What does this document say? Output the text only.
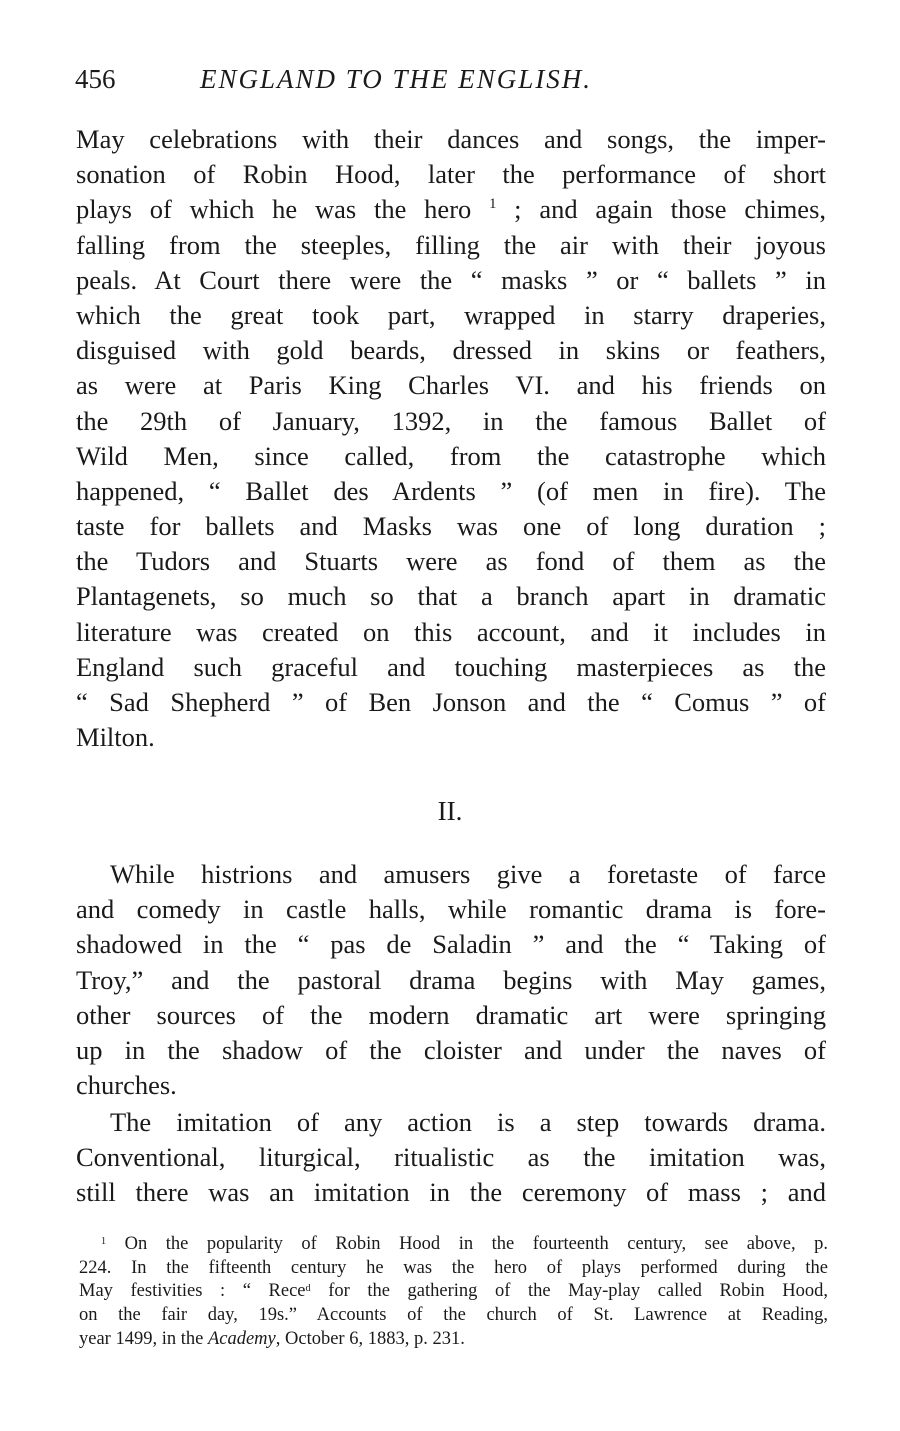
456	ENGLAND TO THE ENGLISH.
May celebrations with their dances and songs, the imper-
sonation of Robin Hood, later the performance of short
plays of which he was the hero $^1$ ; and again those chimes,
falling from the steeples, filling the air with their joyous
peals. At Court there were the “ masks ” or “ ballets ” in
which the great took part, wrapped in starry draperies,
disguised with gold beards, dressed in skins or feathers,
as were at Paris King Charles VI. and his friends on
the 29th of January, 1392, in the famous Ballet of
Wild Men, since called, from the catastrophe which
happened, “ Ballet des Ardents ” (of men in fire). The
taste for ballets and Masks was one of long duration ;
the Tudors and Stuarts were as fond of them as the
Plantagenets, so much so that a branch apart in dramatic
literature was created on this account, and it includes in
England such graceful and touching masterpieces as the
“ Sad Shepherd ” of Ben Jonson and the “ Comus ” of
Milton.
II.
While histrions and amusers give a foretaste of farce
and comedy in castle halls, while romantic drama is fore-
shadowed in the “ pas de Saladin ” and the “ Taking of
Troy,” and the pastoral drama begins with May games,
other sources of the modern dramatic art were springing
up in the shadow of the cloister and under the naves of
churches.
The imitation of any action is a step towards drama.
Conventional, liturgical, ritualistic as the imitation was,
still there was an imitation in the ceremony of mass ; and
$^1$ On the popularity of Robin Hood in the fourteenth century, see above, p.
224. In the fifteenth century he was the hero of plays performed during the
May festivities : “ Rece$^d$ for the gathering of the May-play called Robin Hood,
on the fair day, 19s.” Accounts of the church of St. Lawrence at Reading,
year 1499, in the Academy, October 6, 1883, p. 231.
